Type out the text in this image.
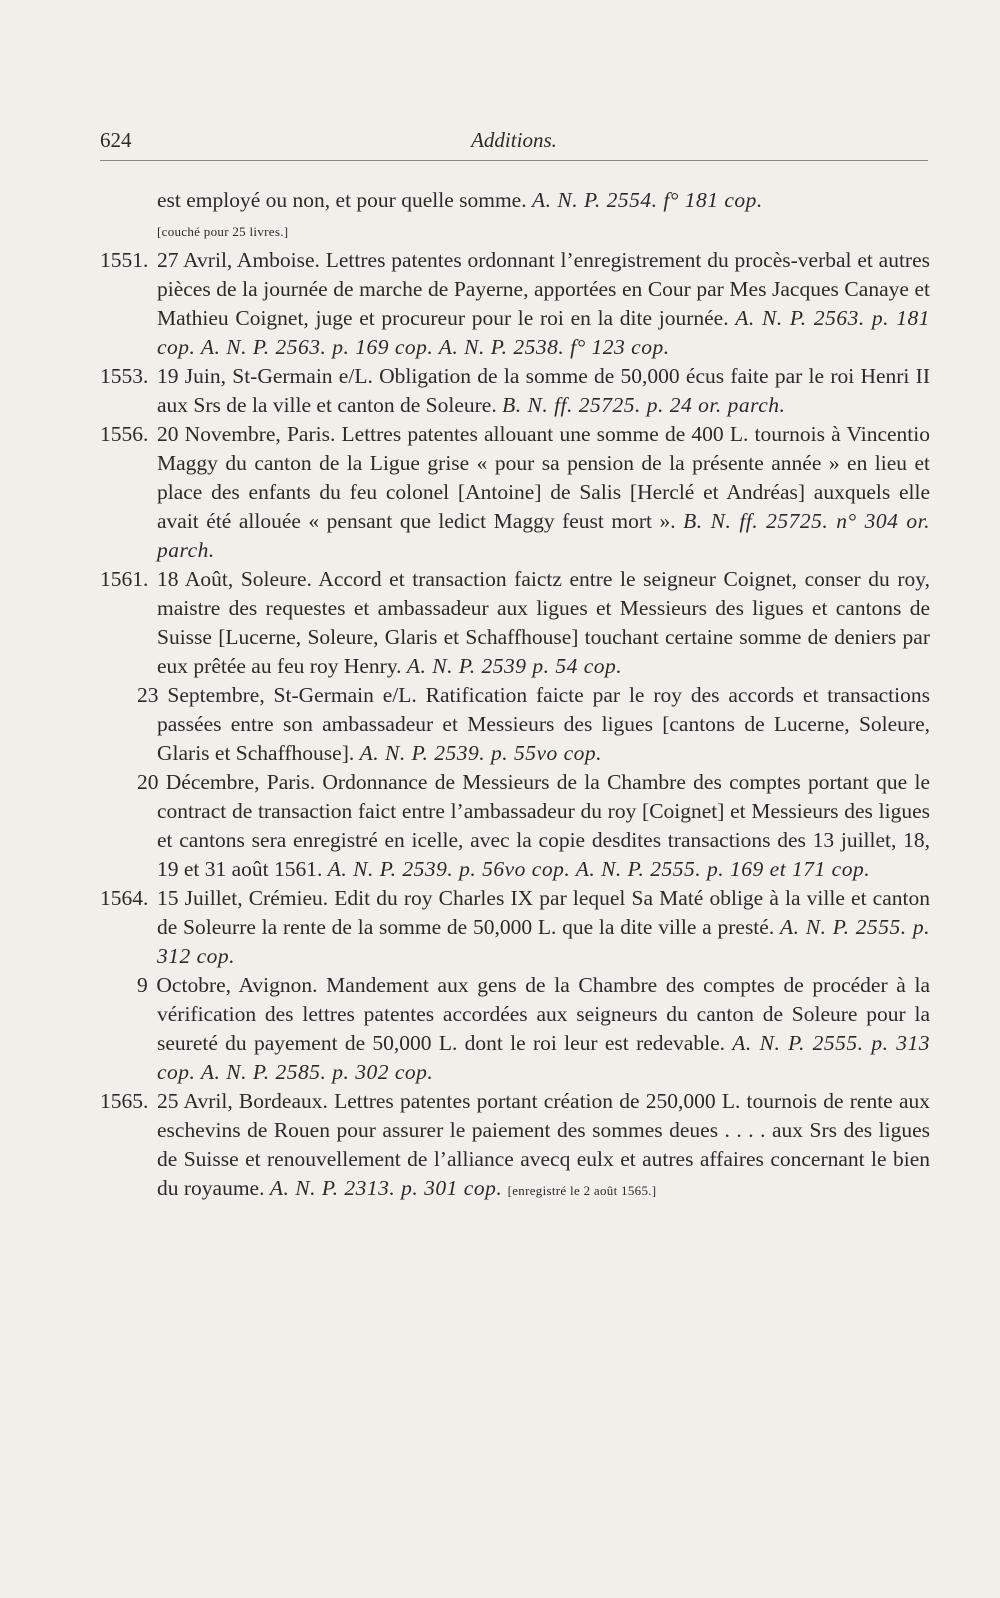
624	Additions.

est employé ou non, et pour quelle somme. A. N. P. 2554. f° 181 cop.
[couché pour 25 livres.]

1551. 27 Avril, Amboise. Lettres patentes ordonnant l’enregistrement du procès-verbal et autres pièces de la journée de marche de Payerne, apportées en Cour par Mes Jacques Canaye et Mathieu Coignet, juge et procureur pour le roi en la dite journée. A. N. P. 2563. p. 181 cop. A. N. P. 2563. p. 169 cop. A. N. P. 2538. f° 123 cop.

1553. 19 Juin, St-Germain e/L. Obligation de la somme de 50,000 écus faite par le roi Henri II aux Srs de la ville et canton de Soleure. B. N. ff. 25725. p. 24 or. parch.

1556. 20 Novembre, Paris. Lettres patentes allouant une somme de 400 L. tournois à Vincentio Maggy du canton de la Ligue grise « pour sa pension de la présente année » en lieu et place des enfants du feu colonel [Antoine] de Salis [Herclé et Andréas] auxquels elle avait été allouée « pensant que ledict Maggy feust mort ». B. N. ff. 25725. n° 304 or. parch.

1561. 18 Août, Soleure. Accord et transaction faictz entre le seigneur Coignet, conser du roy, maistre des requestes et ambassadeur aux ligues et Messieurs des ligues et cantons de Suisse [Lucerne, Soleure, Glaris et Schaffhouse] touchant certaine somme de deniers par eux prêtée au feu roy Henry. A. N. P. 2539 p. 54 cop.

23 Septembre, St-Germain e/L. Ratification faicte par le roy des accords et transactions passées entre son ambassadeur et Messieurs des ligues [cantons de Lucerne, Soleure, Glaris et Schaffhouse]. A. N. P. 2539. p. 55vo cop.

20 Décembre, Paris. Ordonnance de Messieurs de la Chambre des comptes portant que le contract de transaction faict entre l’ambassadeur du roy [Coignet] et Messieurs des ligues et cantons sera enregistré en icelle, avec la copie desdites transactions des 13 juillet, 18, 19 et 31 août 1561. A. N. P. 2539. p. 56vo cop. A. N. P. 2555. p. 169 et 171 cop.

1564. 15 Juillet, Crémieu. Edit du roy Charles IX par lequel Sa Maté oblige à la ville et canton de Soleurre la rente de la somme de 50,000 L. que la dite ville a presté. A. N. P. 2555. p. 312 cop.

9 Octobre, Avignon. Mandement aux gens de la Chambre des comptes de procéder à la vérification des lettres patentes accordées aux seigneurs du canton de Soleure pour la seureté du payement de 50,000 L. dont le roi leur est redevable. A. N. P. 2555. p. 313 cop. A. N. P. 2585. p. 302 cop.

1565. 25 Avril, Bordeaux. Lettres patentes portant création de 250,000 L. tournois de rente aux eschevins de Rouen pour assurer le paiement des sommes deues . . . . aux Srs des ligues de Suisse et renouvellement de l’alliance avecq eulx et autres affaires concernant le bien du royaume. A. N. P. 2313. p. 301 cop. [enregistré le 2 août 1565.]
